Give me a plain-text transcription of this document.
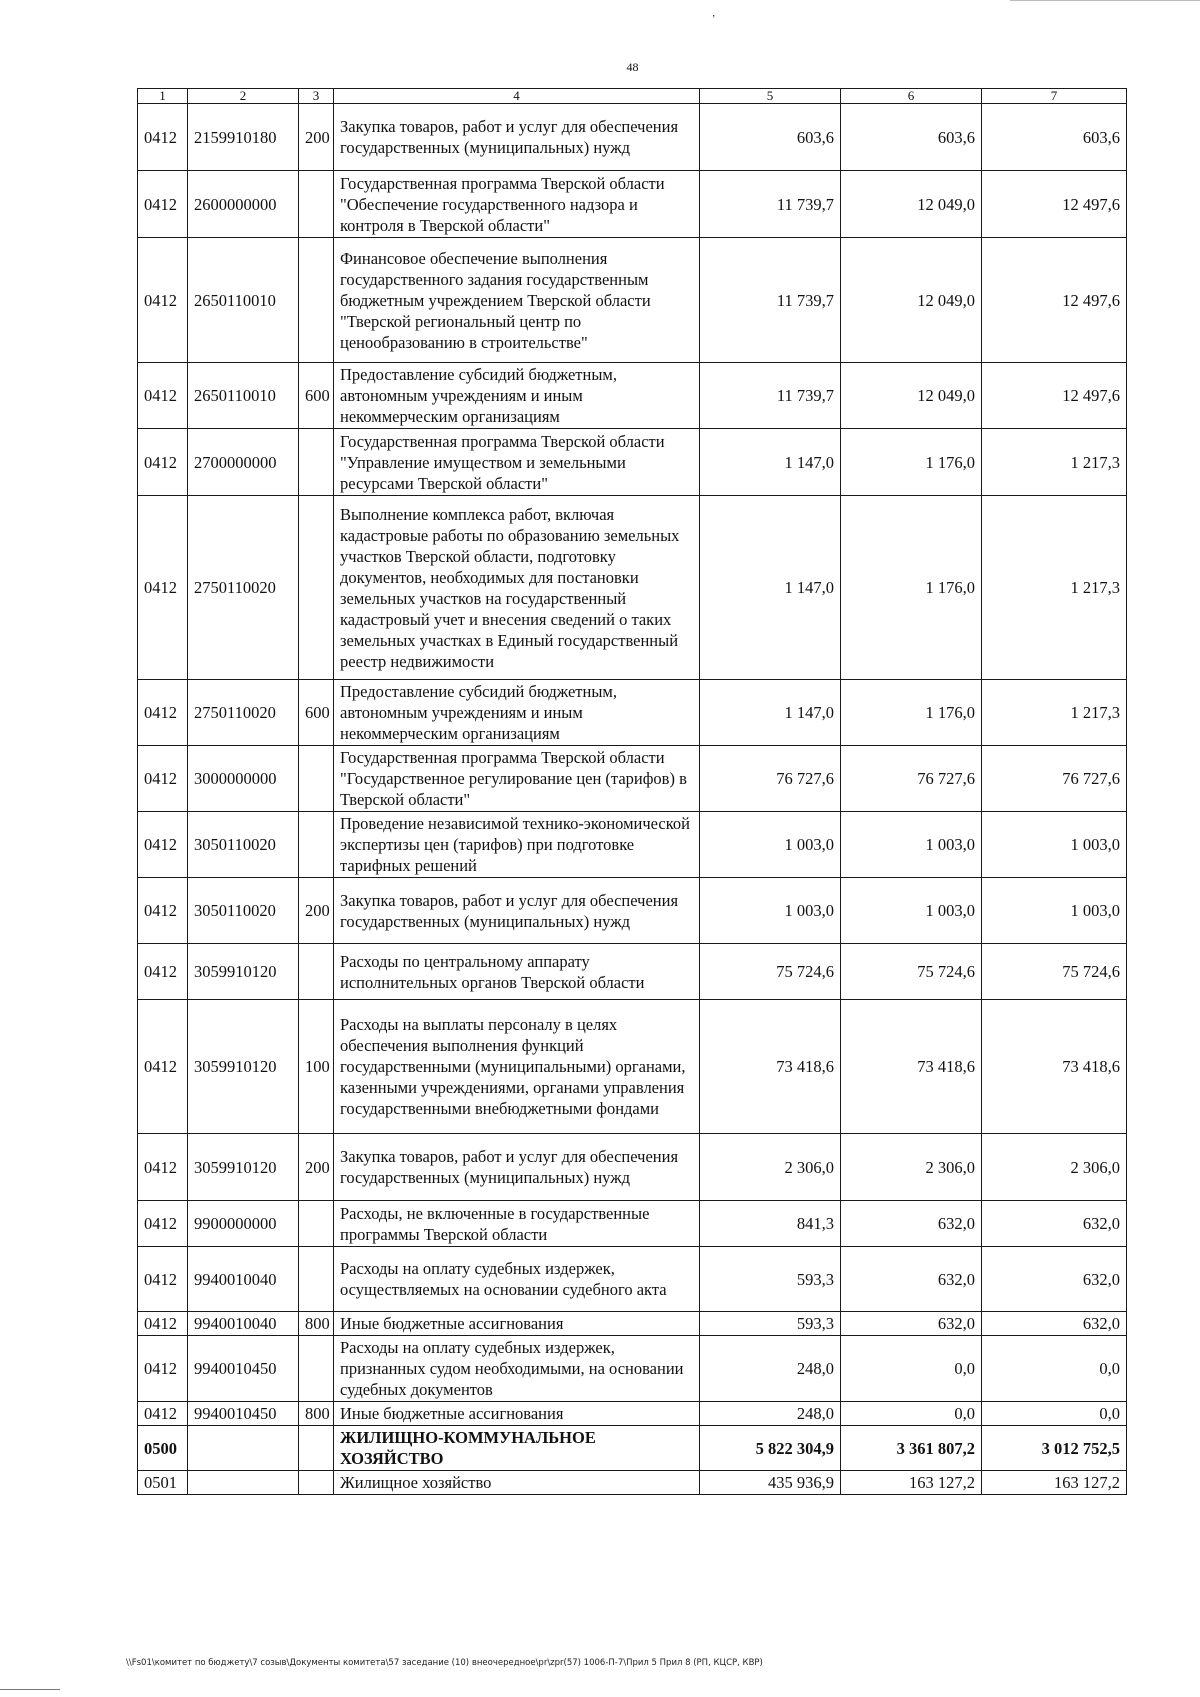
ʼ
48
1	2	3	4	5	6	7
0412	2159910180	200	Закупка товаров, работ и услуг для обеспечения государственных (муниципальных) нужд	603,6	603,6	603,6
0412	2600000000		Государственная программа Тверской области "Обеспечение государственного надзора и контроля в Тверской области"	11 739,7	12 049,0	12 497,6
0412	2650110010		Финансовое обеспечение выполнения государственного задания государственным бюджетным учреждением Тверской области "Тверской региональный центр по ценообразованию в строительстве"	11 739,7	12 049,0	12 497,6
0412	2650110010	600	Предоставление субсидий бюджетным, автономным учреждениям и иным некоммерческим организациям	11 739,7	12 049,0	12 497,6
0412	2700000000		Государственная программа Тверской области "Управление имуществом и земельными ресурсами Тверской области"	1 147,0	1 176,0	1 217,3
0412	2750110020		Выполнение комплекса работ, включая кадастровые работы по образованию земельных участков Тверской области, подготовку документов, необходимых для постановки земельных участков на государственный кадастровый учет и внесения сведений о таких земельных участках в Единый государственный реестр недвижимости	1 147,0	1 176,0	1 217,3
0412	2750110020	600	Предоставление субсидий бюджетным, автономным учреждениям и иным некоммерческим организациям	1 147,0	1 176,0	1 217,3
0412	3000000000		Государственная программа Тверской области "Государственное регулирование цен (тарифов) в Тверской области"	76 727,6	76 727,6	76 727,6
0412	3050110020		Проведение независимой технико-экономической экспертизы цен (тарифов) при подготовке тарифных решений	1 003,0	1 003,0	1 003,0
0412	3050110020	200	Закупка товаров, работ и услуг для обеспечения государственных (муниципальных) нужд	1 003,0	1 003,0	1 003,0
0412	3059910120		Расходы по центральному аппарату исполнительных органов Тверской области	75 724,6	75 724,6	75 724,6
0412	3059910120	100	Расходы на выплаты персоналу в целях обеспечения выполнения функций государственными (муниципальными) органами, казенными учреждениями, органами управления государственными внебюджетными фондами	73 418,6	73 418,6	73 418,6
0412	3059910120	200	Закупка товаров, работ и услуг для обеспечения государственных (муниципальных) нужд	2 306,0	2 306,0	2 306,0
0412	9900000000		Расходы, не включенные в государственные программы Тверской области	841,3	632,0	632,0
0412	9940010040		Расходы на оплату судебных издержек, осуществляемых на основании судебного акта	593,3	632,0	632,0
0412	9940010040	800	Иные бюджетные ассигнования	593,3	632,0	632,0
0412	9940010450		Расходы на оплату судебных издержек, признанных судом необходимыми, на основании судебных документов	248,0	0,0	0,0
0412	9940010450	800	Иные бюджетные ассигнования	248,0	0,0	0,0
0500			ЖИЛИЩНО-КОММУНАЛЬНОЕ ХОЗЯЙСТВО	5 822 304,9	3 361 807,2	3 012 752,5
0501			Жилищное хозяйство	435 936,9	163 127,2	163 127,2
\\Fs01\комитет по бюджету\7 созыв\Документы комитета\57 заседание (10) внеочередное\pr\zpr(57) 1006-П-7\Прил 5 Прил 8 (РП, КЦСР, КВР)
